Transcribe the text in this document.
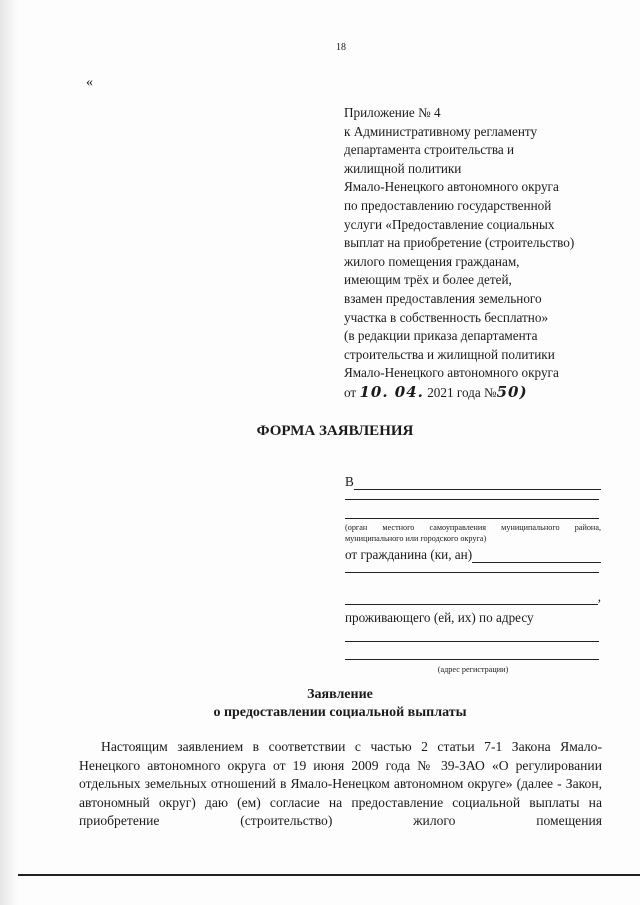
18
«
Приложение № 4
к Административному регламенту
департамента строительства и
жилищной политики
Ямало-Ненецкого автономного округа
по предоставлению государственной
услуги «Предоставление социальных
выплат на приобретение (строительство)
жилого помещения гражданам,
имеющим трёх и более детей,
взамен предоставления земельного
участка в собственность бесплатно»
(в редакции приказа департамента
строительства и жилищной политики
Ямало-Ненецкого автономного округа
от 10. 04. 2021 года №50)
ФОРМА ЗАЯВЛЕНИЯ
В
(орган местного самоуправления муниципального района, муниципального или городского округа)
от гражданина (ки, ан)
,
проживающего (ей, их) по адресу
(адрес регистрации)
Заявление
о предоставлении социальной выплаты

Настоящим заявлением в соответствии с частью 2 статьи 7-1 Закона Ямало-Ненецкого автономного округа от 19 июня 2009 года № 39-ЗАО «О регулировании отдельных земельных отношений в Ямало-Ненецком автономном округе» (далее - Закон, автономный округ) даю (ем) согласие на предоставление социальной выплаты на приобретение (строительство) жилого помещения
